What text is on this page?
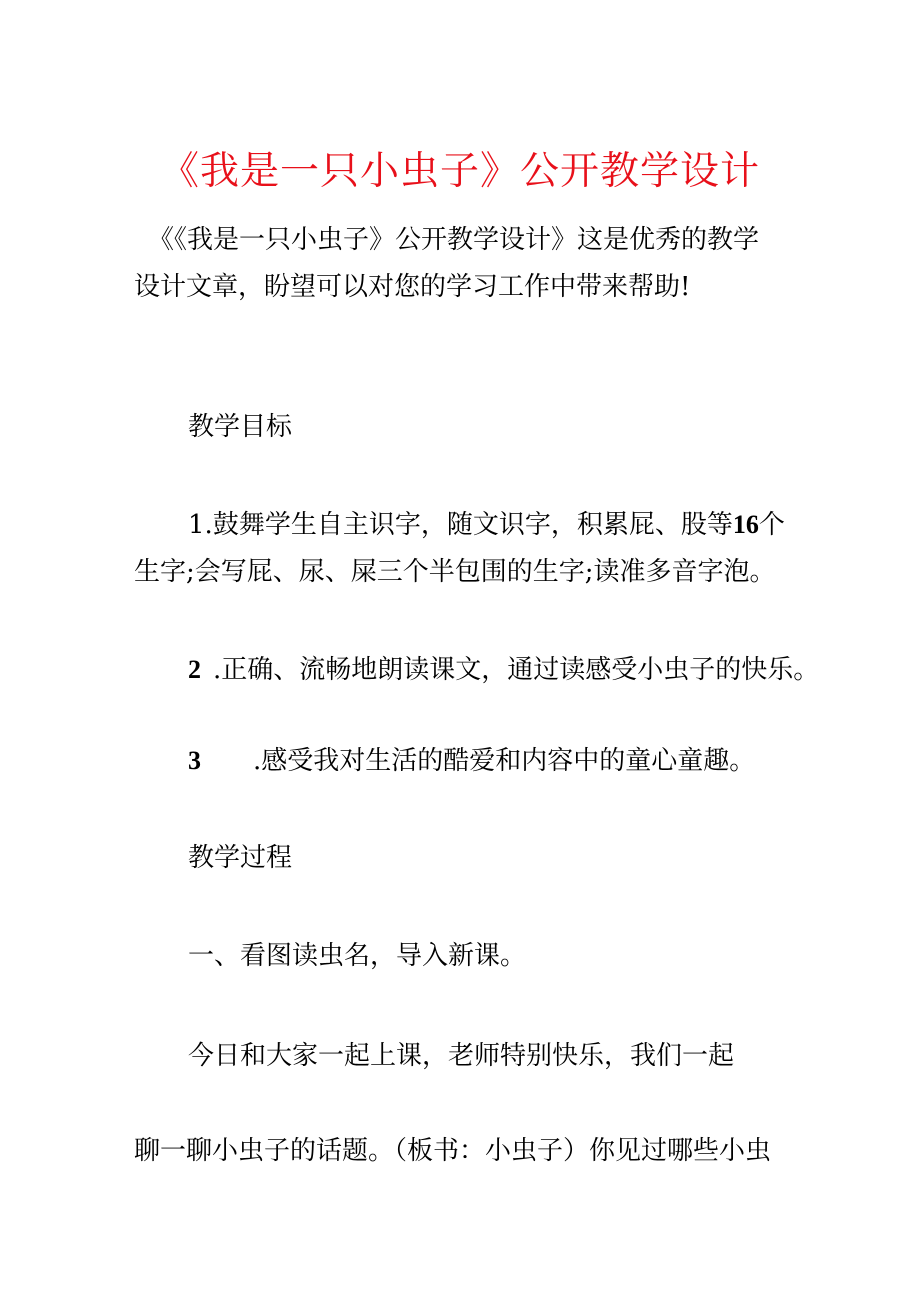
《我是一只小虫子》公开教学设计
《《我是一只小虫子》公开教学设计》这是优秀的教学
设计文章，盼望可以对您的学习工作中带来帮助!
教学目标
1.鼓舞学生自主识字，随文识字，积累屁、股等16个
生字;会写屁、尿、屎三个半包围的生字;读准多音字泡。
2 .正确、流畅地朗读课文，通过读感受小虫子的快乐。
3 .感受我对生活的酷爱和内容中的童心童趣。
教学过程
一、看图读虫名，导入新课。
今日和大家一起上课，老师特别快乐，我们一起
聊一聊小虫子的话题。（板书：小虫子）你见过哪些小虫
